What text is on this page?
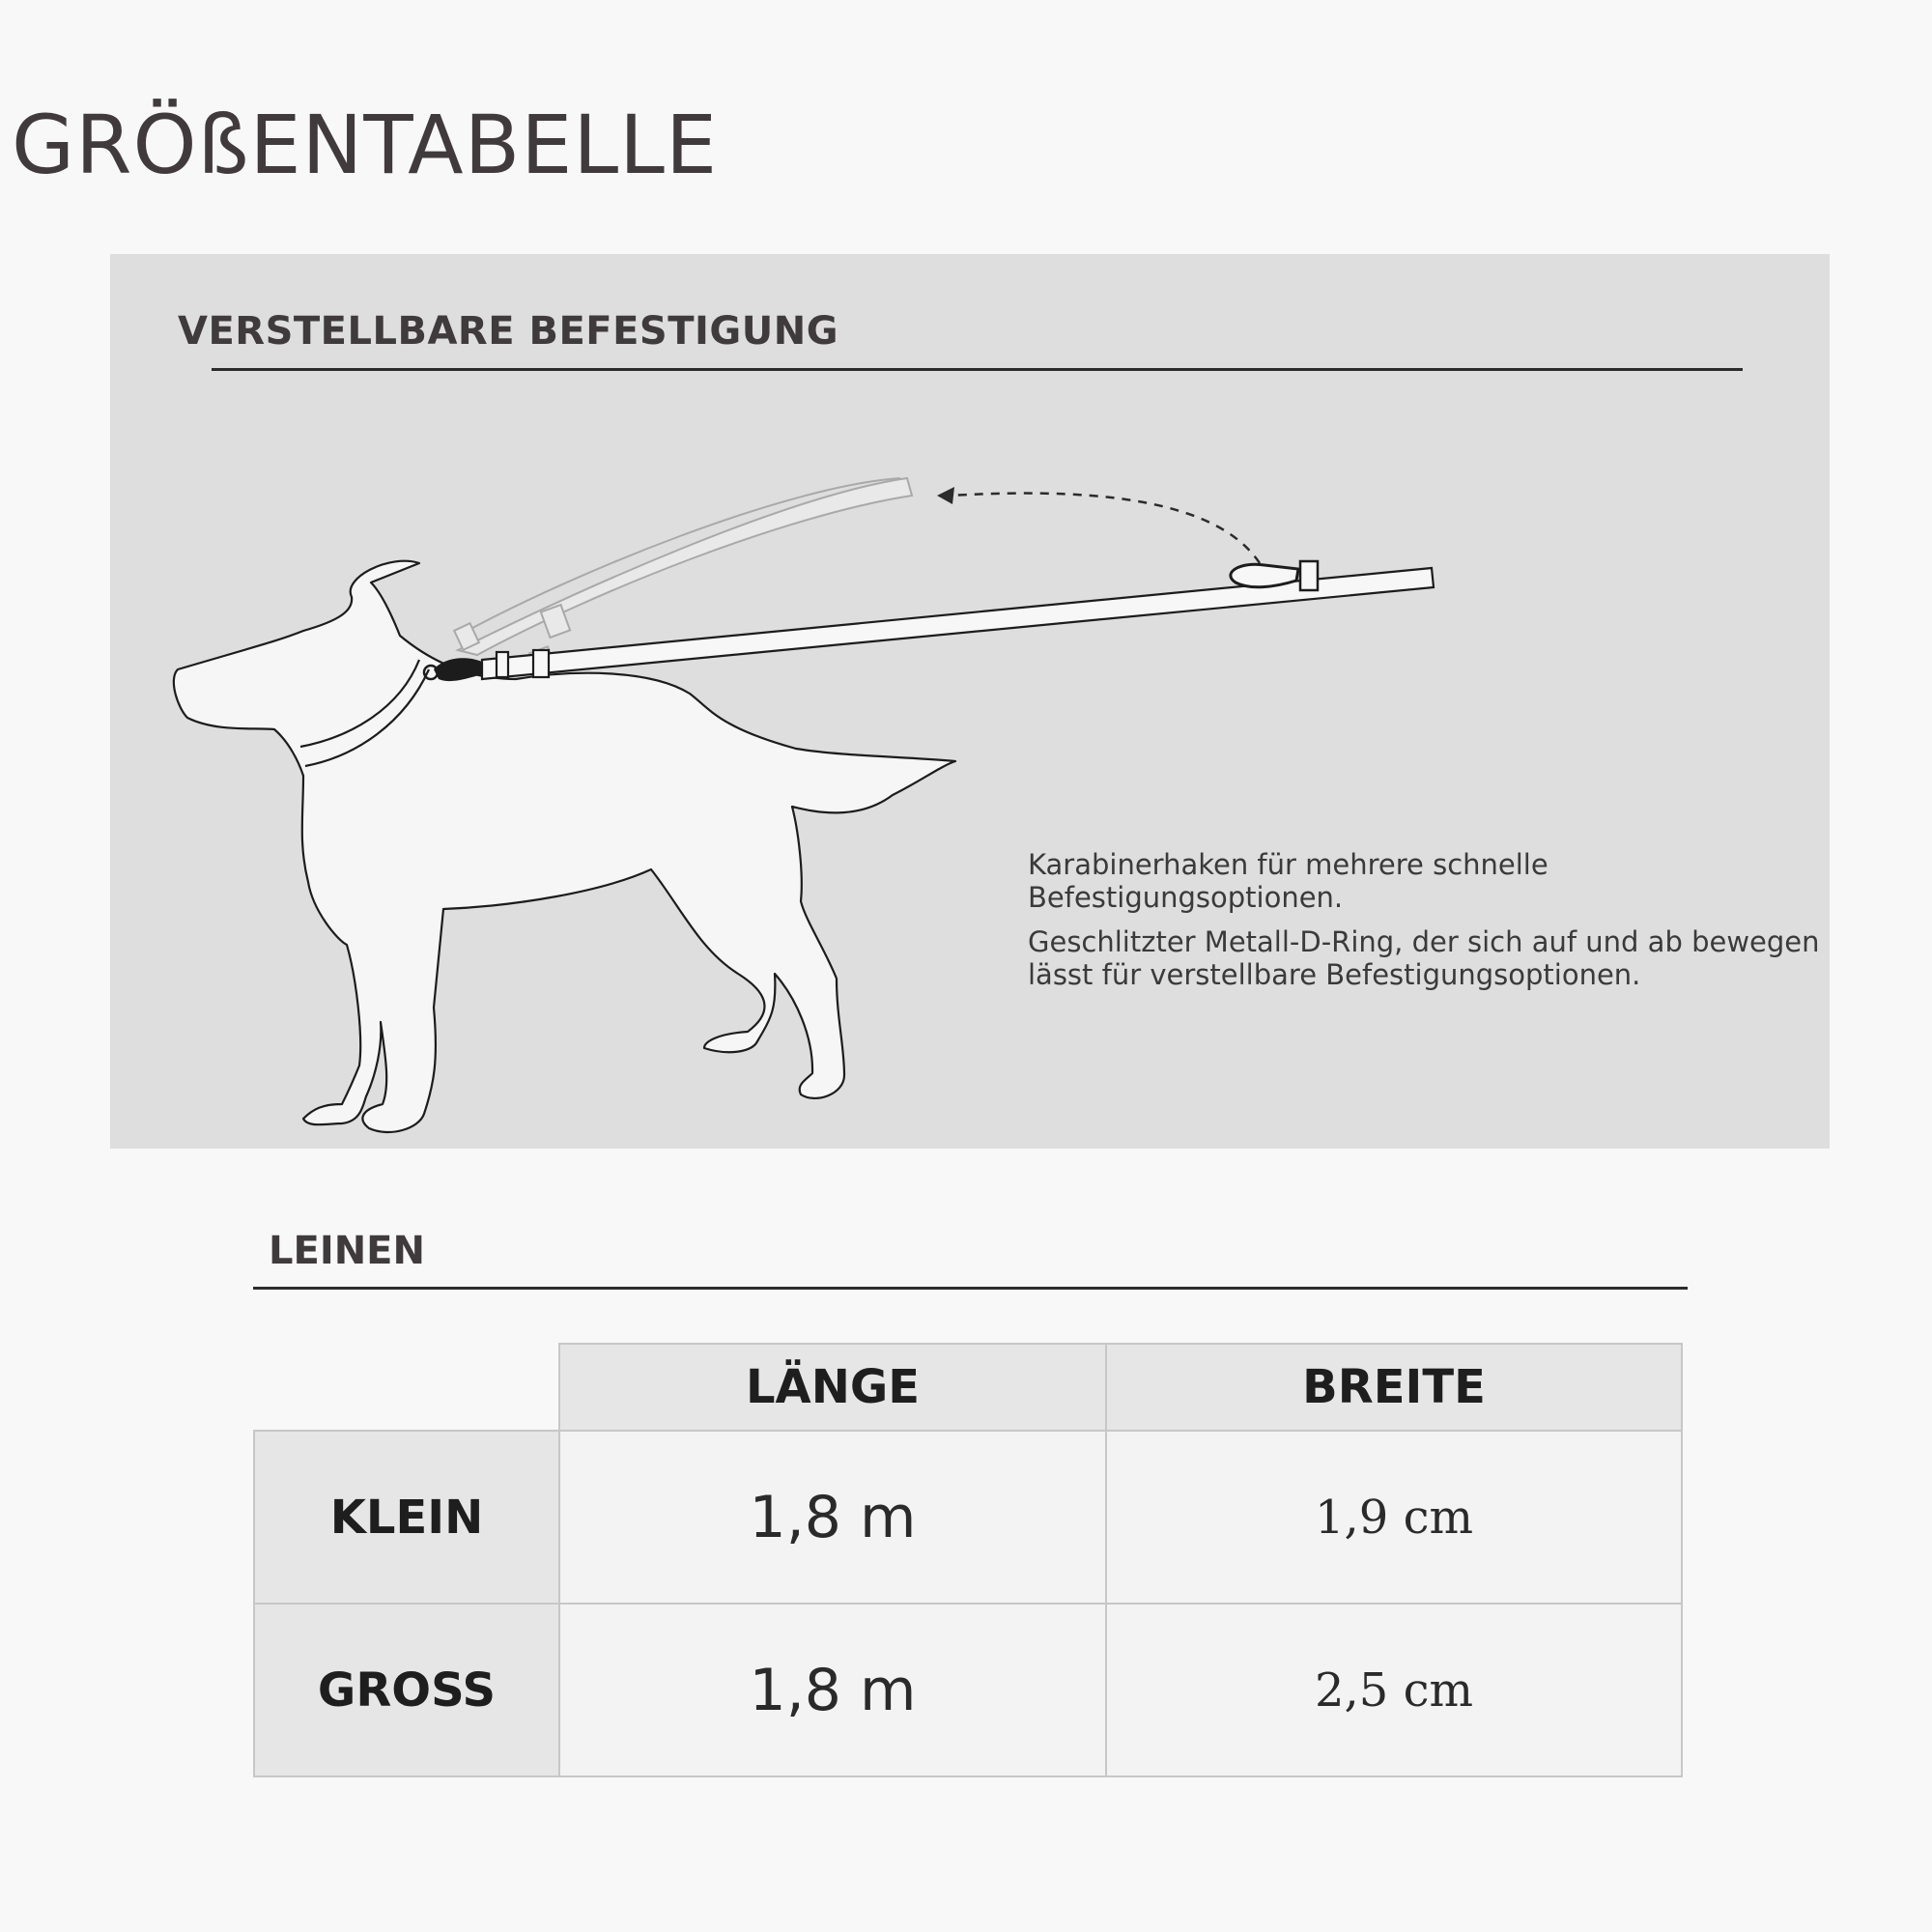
GRÖßENTABELLE
VERSTELLBARE BEFESTIGUNG

Karabinerhaken für mehrere schnelle Befestigungsoptionen.

Geschlitzter Metall-D-Ring, der sich auf und ab bewegen lässt für verstellbare Befestigungsoptionen.

LEINEN
	LÄNGE	BREITE
KLEIN	1,8 m	1,9 cm
GROSS	1,8 m	2,5 cm
